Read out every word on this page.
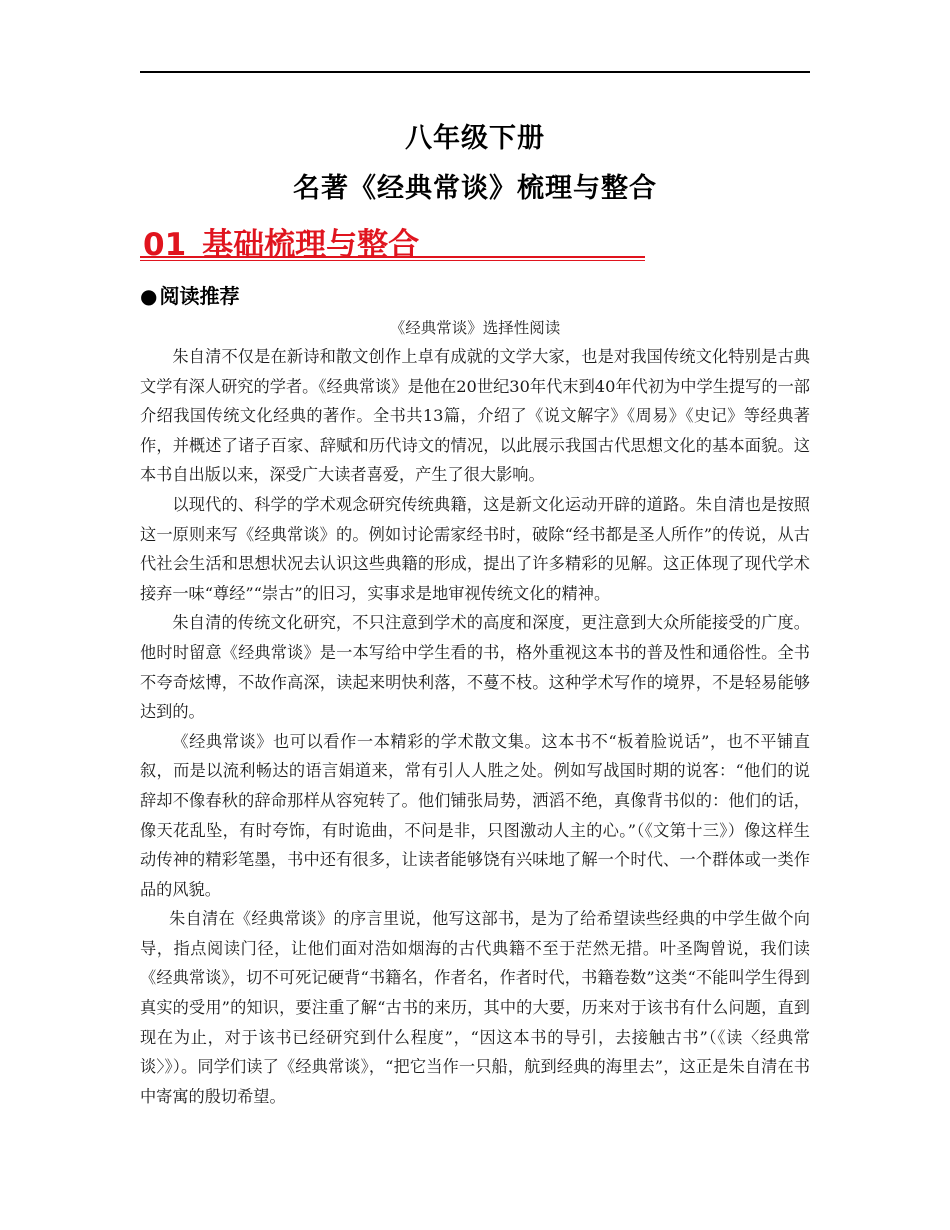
八年级下册
名著《经典常谈》梳理与整合
01 基础梳理与整合
● 阅读推荐
《经典常谈》选择性阅读

朱自清不仅是在新诗和散文创作上卓有成就的文学大家，也是对我国传统文化特别是古典文学有深人研究的学者。《经典常谈》是他在20世纪30年代末到40年代初为中学生提写的一部介绍我国传统文化经典的著作。全书共13篇，介绍了《说文解字》《周易》《史记》等经典著作，并概述了诸子百家、辞赋和历代诗文的情况，以此展示我国古代思想文化的基本面貌。这本书自出版以来，深受广大读者喜爱，产生了很大影响。

以现代的、科学的学术观念研究传统典籍，这是新文化运动开辟的道路。朱自清也是按照这一原则来写《经典常谈》的。例如讨论需家经书时，破除“经书都是圣人所作”的传说，从古代社会生活和思想状况去认识这些典籍的形成，提出了许多精彩的见解。这正体现了现代学术接弃一味“尊经”“崇古”的旧习，实事求是地审视传统文化的精神。

朱自清的传统文化研究，不只注意到学术的高度和深度，更注意到大众所能接受的广度。他时时留意《经典常谈》是一本写给中学生看的书，格外重视这本书的普及性和通俗性。全书不夸奇炫博，不故作高深，读起来明快利落，不蔓不枝。这种学术写作的境界，不是轻易能够达到的。

《经典常谈》也可以看作一本精彩的学术散文集。这本书不“板着脸说话”，也不平铺直叙，而是以流利畅达的语言娟道来，常有引人人胜之处。例如写战国时期的说客：“他们的说辞却不像春秋的辞命那样从容宛转了。他们铺张局势，洒滔不绝，真像背书似的：他们的话，像天花乱坠，有时夸饰，有时诡曲，不问是非，只图激动人主的心。”（《文第十三》）像这样生动传神的精彩笔墨，书中还有很多，让读者能够饶有兴味地了解一个时代、一个群体或一类作品的风貌。

朱自清在《经典常谈》的序言里说，他写这部书，是为了给希望读些经典的中学生做个向导，指点阅读门径，让他们面对浩如烟海的古代典籍不至于茫然无措。叶圣陶曾说，我们读《经典常谈》，切不可死记硬背“书籍名，作者名，作者时代，书籍卷数”这类“不能叫学生得到真实的受用”的知识，要注重了解“古书的来历，其中的大要，历来对于该书有什么问题，直到现在为止，对于该书已经研究到什么程度”，“因这本书的导引，去接触古书”（《读〈经典常谈〉》）。同学们读了《经典常谈》，“把它当作一只船，航到经典的海里去”，这正是朱自清在书中寄寓的殷切希望。
